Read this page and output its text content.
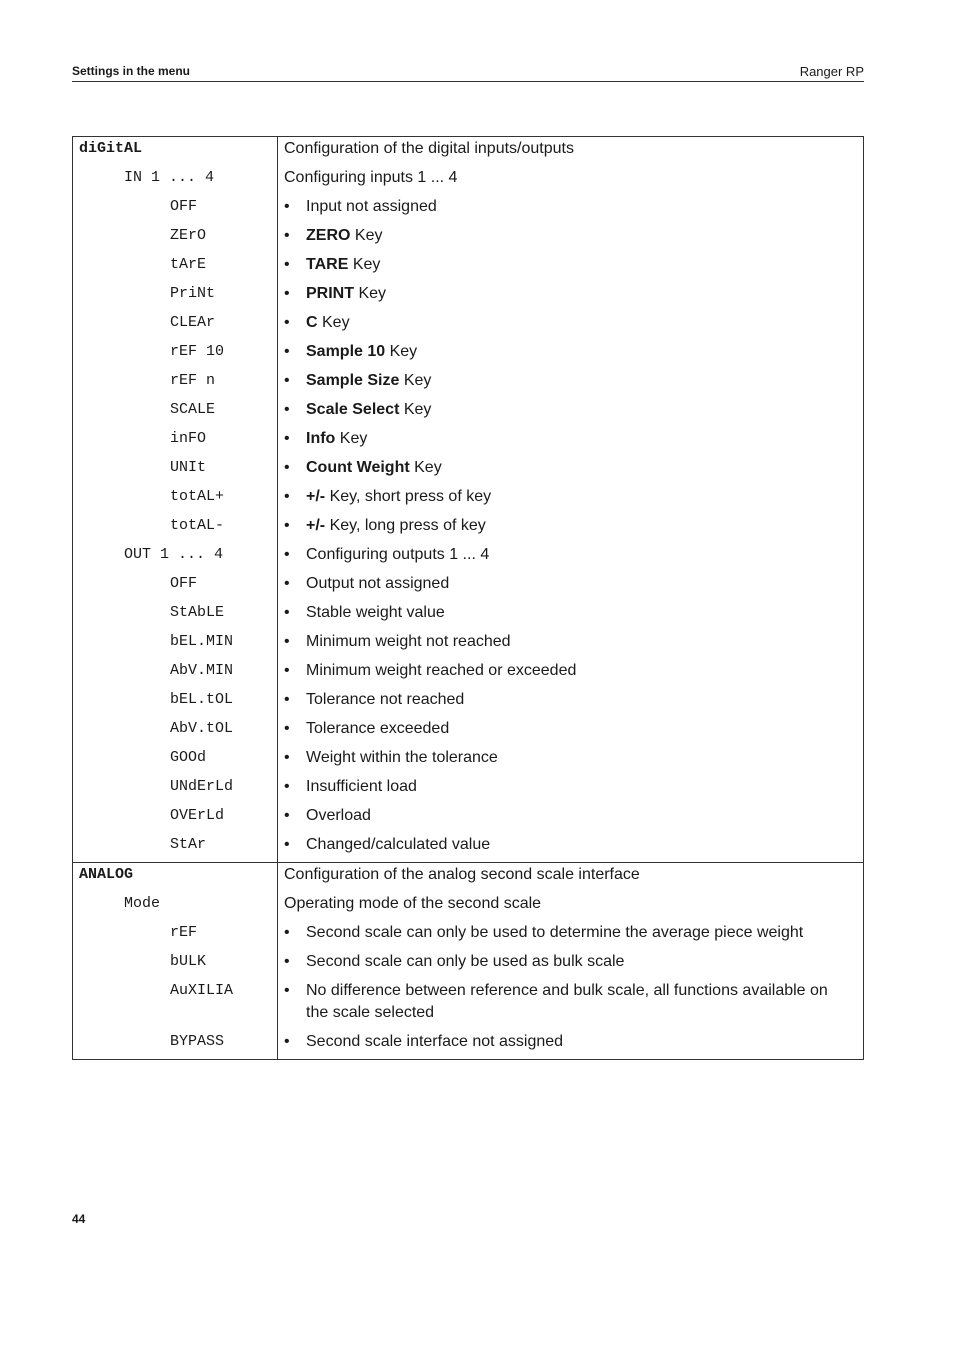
Settings in the menu	Ranger RP
diGitAL	Configuration of the digital inputs/outputs

IN 1 ... 4	Configuring inputs 1 ... 4

OFF	• Input not assigned

ZErO	• ZERO Key

tArE	• TARE Key

PriNt	• PRINT Key

CLEAr	• C Key

rEF 10	• Sample 10 Key

rEF n	• Sample Size Key

SCALE	• Scale Select Key

inFO	• Info Key

UNIt	• Count Weight Key

totAL+	• +/- Key, short press of key

totAL-	• +/- Key, long press of key

OUT 1 ... 4	• Configuring outputs 1 ... 4

OFF	• Output not assigned

StAbLE	• Stable weight value

bEL.MIN	• Minimum weight not reached

AbV.MIN	• Minimum weight reached or exceeded

bEL.tOL	• Tolerance not reached

AbV.tOL	• Tolerance exceeded

GOOd	• Weight within the tolerance

UNdErLd	• Insufficient load

OVErLd	• Overload

StAr	• Changed/calculated value

ANALOG	Configuration of the analog second scale interface

Mode	Operating mode of the second scale

rEF	• Second scale can only be used to determine the average piece weight

bULK	• Second scale can only be used as bulk scale

AuXILIA	• No difference between reference and bulk scale, all functions available on the scale selected

BYPASS	• Second scale interface not assigned
44
